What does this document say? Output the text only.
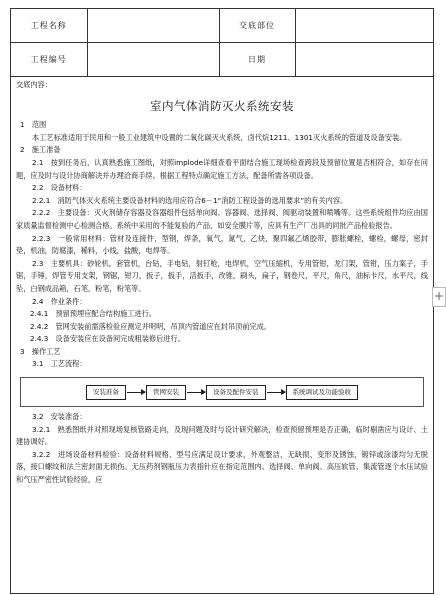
工程名称		交底部位	
工程编号		日期	

交底内容：

室内气体消防灭火系统安装

1　范围

本工艺标准适用于民用和一般工业建筑中设置的二氧化碳灭火系统，卤代烷1211、1301灭火系统的管道及设备安装。

2　施工准备

2.1　按到任务后，认真熟悉施工图纸，对照implode详细查看平面结合施工现场检查跨段及预留位置是否相符合，如存在问题，应及时与设计协商解决并办理洽商手续。根据工程特点确定施工方法，配备所需各项设备。

2.2　设备材料：

2.2.1　消防气体灭火系统主要设备材料的选用应符合6－1“消防工程设备的选用要求”的有关内容。

2.2.2　主要设备：灭火剂储存容器及容器组件包括单向阀、容器阀、选择阀、阀驱动装置和喷嘴等。这些系统组件均应由国家质量监督检测中心检测合格。系统中采用的不能复验的产品，如安全膜片等，应具有生产厂出具的同批产品检验报告。

2.2.3　一般常用材料：管材及连接件，型钢，焊条，氧气，氮气，乙炔，聚四氟乙烯胶带，膨胀螺栓，螺栓，螺母，密封垫，机油，防腐漆，稀料，小线，盐酸，电焊等。

2.3　主要机具：砂轮机，套管机，台钻，手电钻，射钉枪，电焊机，空气压缩机，专用管钳，龙门架，管钳，压力案子，手锯，手锤，焊管专用支架，钢锯，钳刀，扳子，扳手，活扳手，改锥，刷头，扁子，钢卷尺，平尺，角尺，油标卡尺，水平尺，线坠，白钢成品箱，石笔，粉笔，粉笔等。

2.4　作业条件：

2.4.1　预留预埋应配合结构施工进行。

2.4.2　管网安装前需落检验应测定并明明，吊顶内管道应在封吊顶前完成。

2.4.3　设备安装应在设备间完成粗装修后进行。

3　操作工艺

3.1　工艺流程：

安装准备	管网安装	设备及配件安装	系统调试及功能验收

3.2　安装准备：

3.2.1　熟悉图纸并对照现场复核管路走向，及现问题及时与设计研究解决，检查预留预埋是否正确，临时剔凿应与设计、土建协调好。

3.2.2　进场设备材料检验：设备材料规格、型号应满足设计要求，外观整洁，无缺损、变形及锈蚀，镀锌或涂漆均匀无脱落，接口螺纹和法兰密封面无损伤。无压药剂钢瓶压力表指针应在指定范围内。选择阀、单向阀、高压软管、集流管逐个水压试验和气压严密性试验经验，应

+
